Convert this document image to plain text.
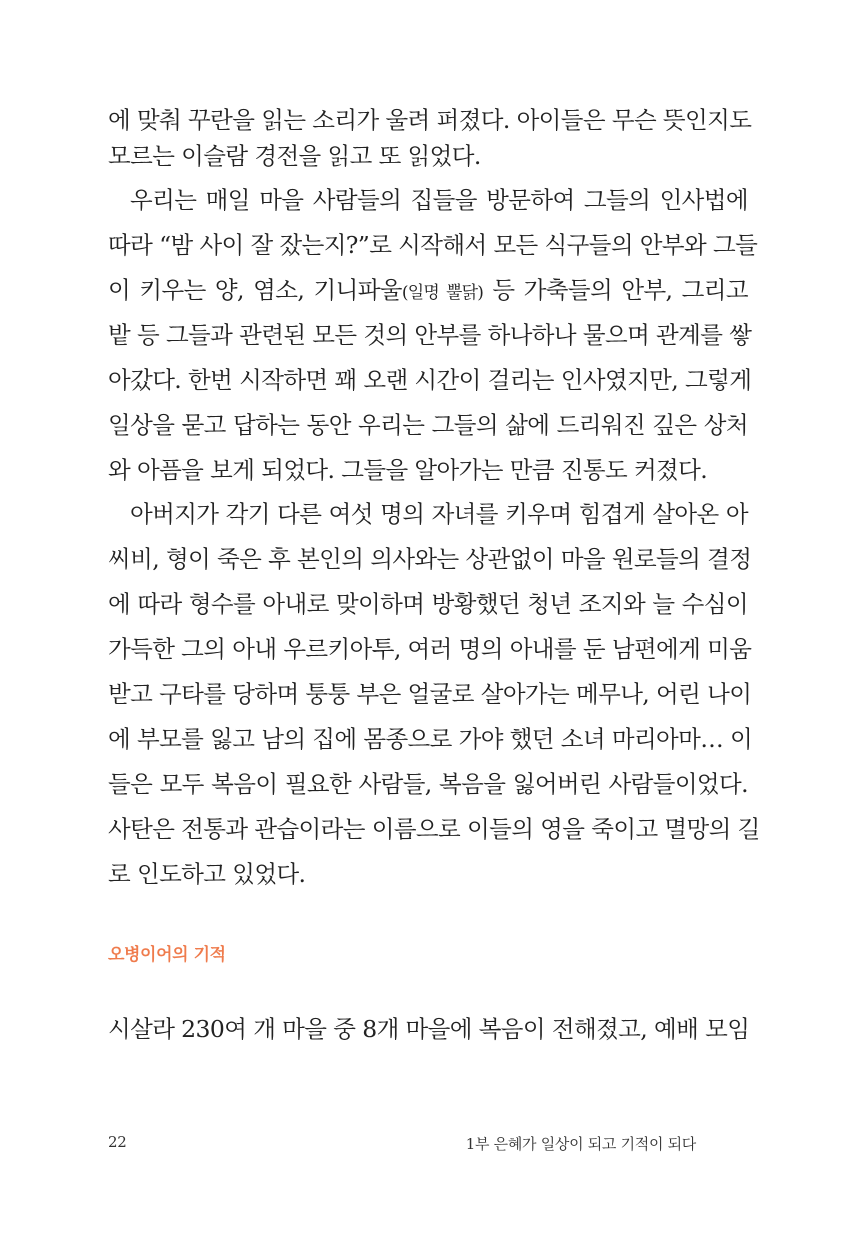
에 맞춰 꾸란을 읽는 소리가 울려 퍼졌다. 아이들은 무슨 뜻인지도
모르는 이슬람 경전을 읽고 또 읽었다.
우리는 매일 마을 사람들의 집들을 방문하여 그들의 인사법에
따라 “밤 사이 잘 잤는지?”로 시작해서 모든 식구들의 안부와 그들
이 키우는 양, 염소, 기니파울(일명 뿔닭) 등 가축들의 안부, 그리고
밭 등 그들과 관련된 모든 것의 안부를 하나하나 물으며 관계를 쌓
아갔다. 한번 시작하면 꽤 오랜 시간이 걸리는 인사였지만, 그렇게
일상을 묻고 답하는 동안 우리는 그들의 삶에 드리워진 깊은 상처
와 아픔을 보게 되었다. 그들을 알아가는 만큼 진통도 커졌다.
아버지가 각기 다른 여섯 명의 자녀를 키우며 힘겹게 살아온 아
씨비, 형이 죽은 후 본인의 의사와는 상관없이 마을 원로들의 결정
에 따라 형수를 아내로 맞이하며 방황했던 청년 조지와 늘 수심이
가득한 그의 아내 우르키아투, 여러 명의 아내를 둔 남편에게 미움
받고 구타를 당하며 퉁퉁 부은 얼굴로 살아가는 메무나, 어린 나이
에 부모를 잃고 남의 집에 몸종으로 가야 했던 소녀 마리아마… 이
들은 모두 복음이 필요한 사람들, 복음을 잃어버린 사람들이었다.
사탄은 전통과 관습이라는 이름으로 이들의 영을 죽이고 멸망의 길
로 인도하고 있었다.
오병이어의 기적
시살라 230여 개 마을 중 8개 마을에 복음이 전해졌고, 예배 모임
22	1부 은혜가 일상이 되고 기적이 되다
